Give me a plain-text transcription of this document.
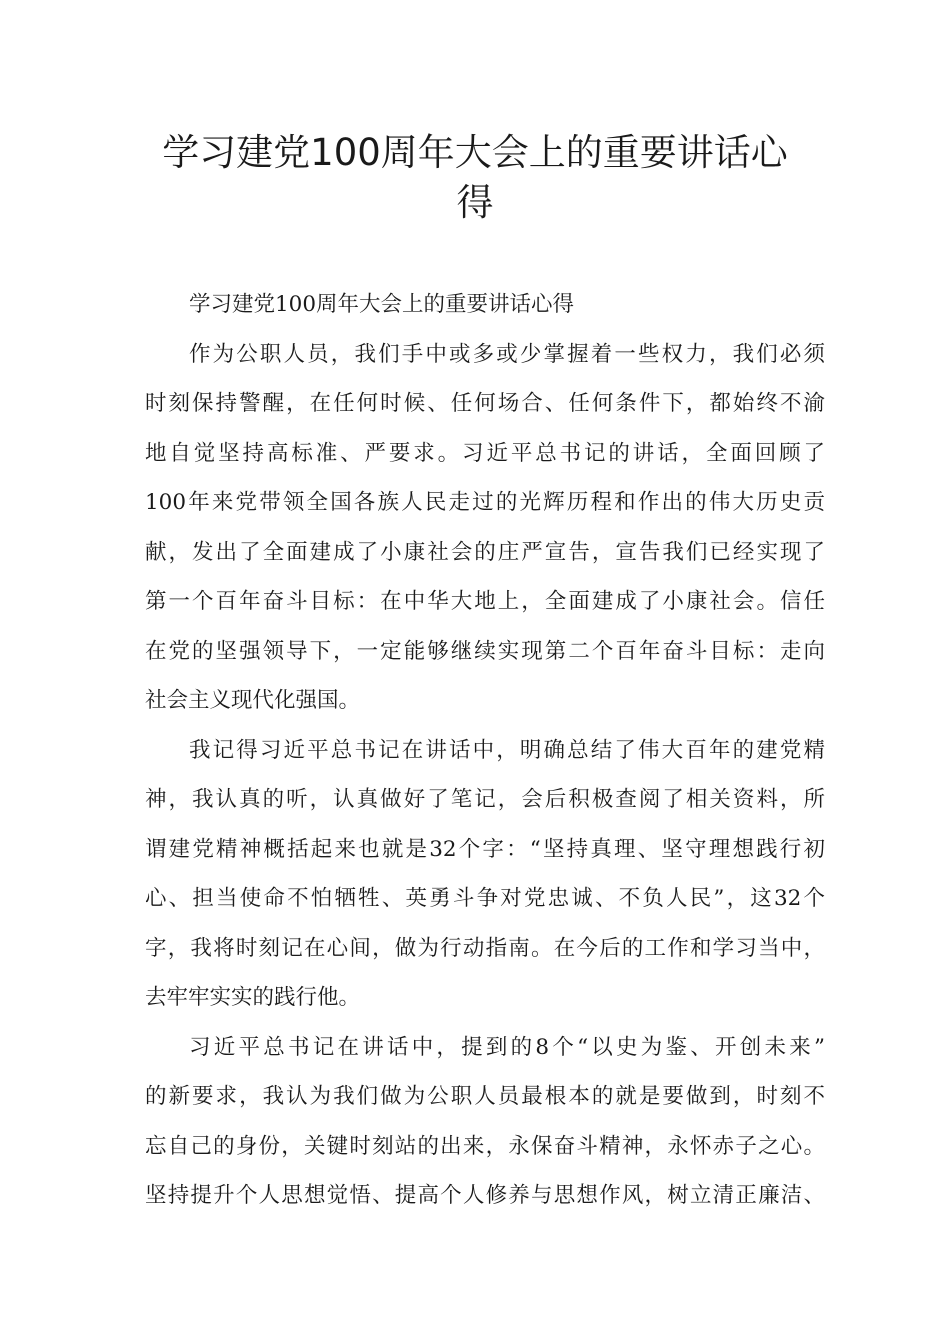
学习建党100周年大会上的重要讲话心
得
学习建党100周年大会上的重要讲话心得
作为公职人员，我们手中或多或少掌握着一些权力，我们必须
时刻保持警醒，在任何时候、任何场合、任何条件下，都始终不渝
地自觉坚持高标准、严要求。习近平总书记的讲话，全面回顾了
100年来党带领全国各族人民走过的光辉历程和作出的伟大历史贡
献，发出了全面建成了小康社会的庄严宣告，宣告我们已经实现了
第一个百年奋斗目标：在中华大地上，全面建成了小康社会。信任
在党的坚强领导下，一定能够继续实现第二个百年奋斗目标：走向
社会主义现代化强国。
我记得习近平总书记在讲话中，明确总结了伟大百年的建党精
神，我认真的听，认真做好了笔记，会后积极查阅了相关资料，所
谓建党精神概括起来也就是32个字：“坚持真理、坚守理想践行初
心、担当使命不怕牺牲、英勇斗争对党忠诚、不负人民”，这32个
字，我将时刻记在心间，做为行动指南。在今后的工作和学习当中，
去牢牢实实的践行他。
习近平总书记在讲话中，提到的8个“以史为鉴、开创未来”
的新要求，我认为我们做为公职人员最根本的就是要做到，时刻不
忘自己的身份，关键时刻站的出来，永保奋斗精神，永怀赤子之心。
坚持提升个人思想觉悟、提高个人修养与思想作风，树立清正廉洁、
